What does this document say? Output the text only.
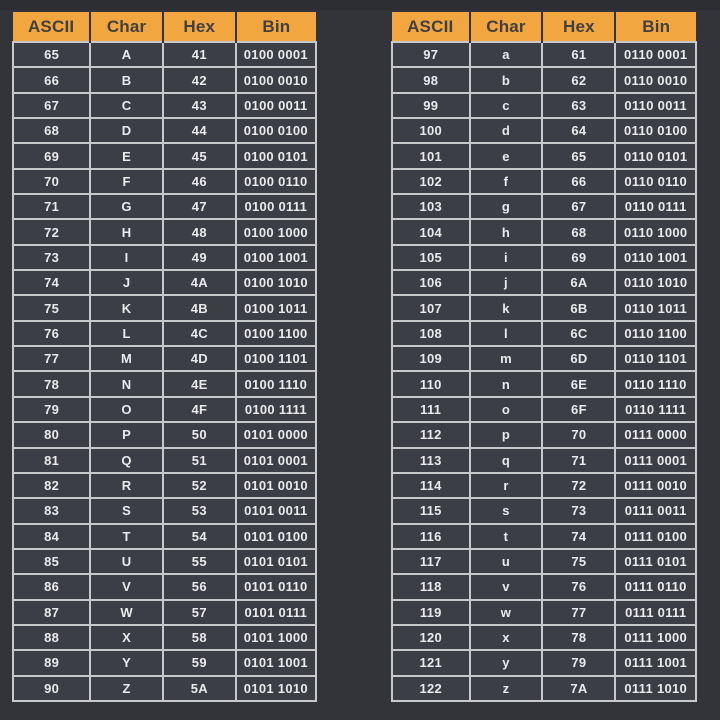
ASCII	Char	Hex	Bin
65	A	41	0100 0001
66	B	42	0100 0010
67	C	43	0100 0011
68	D	44	0100 0100
69	E	45	0100 0101
70	F	46	0100 0110
71	G	47	0100 0111
72	H	48	0100 1000
73	I	49	0100 1001
74	J	4A	0100 1010
75	K	4B	0100 1011
76	L	4C	0100 1100
77	M	4D	0100 1101
78	N	4E	0100 1110
79	O	4F	0100 1111
80	P	50	0101 0000
81	Q	51	0101 0001
82	R	52	0101 0010
83	S	53	0101 0011
84	T	54	0101 0100
85	U	55	0101 0101
86	V	56	0101 0110
87	W	57	0101 0111
88	X	58	0101 1000
89	Y	59	0101 1001
90	Z	5A	0101 1010
ASCII	Char	Hex	Bin
97	a	61	0110 0001
98	b	62	0110 0010
99	c	63	0110 0011
100	d	64	0110 0100
101	e	65	0110 0101
102	f	66	0110 0110
103	g	67	0110 0111
104	h	68	0110 1000
105	i	69	0110 1001
106	j	6A	0110 1010
107	k	6B	0110 1011
108	l	6C	0110 1100
109	m	6D	0110 1101
110	n	6E	0110 1110
111	o	6F	0110 1111
112	p	70	0111 0000
113	q	71	0111 0001
114	r	72	0111 0010
115	s	73	0111 0011
116	t	74	0111 0100
117	u	75	0111 0101
118	v	76	0111 0110
119	w	77	0111 0111
120	x	78	0111 1000
121	y	79	0111 1001
122	z	7A	0111 1010
